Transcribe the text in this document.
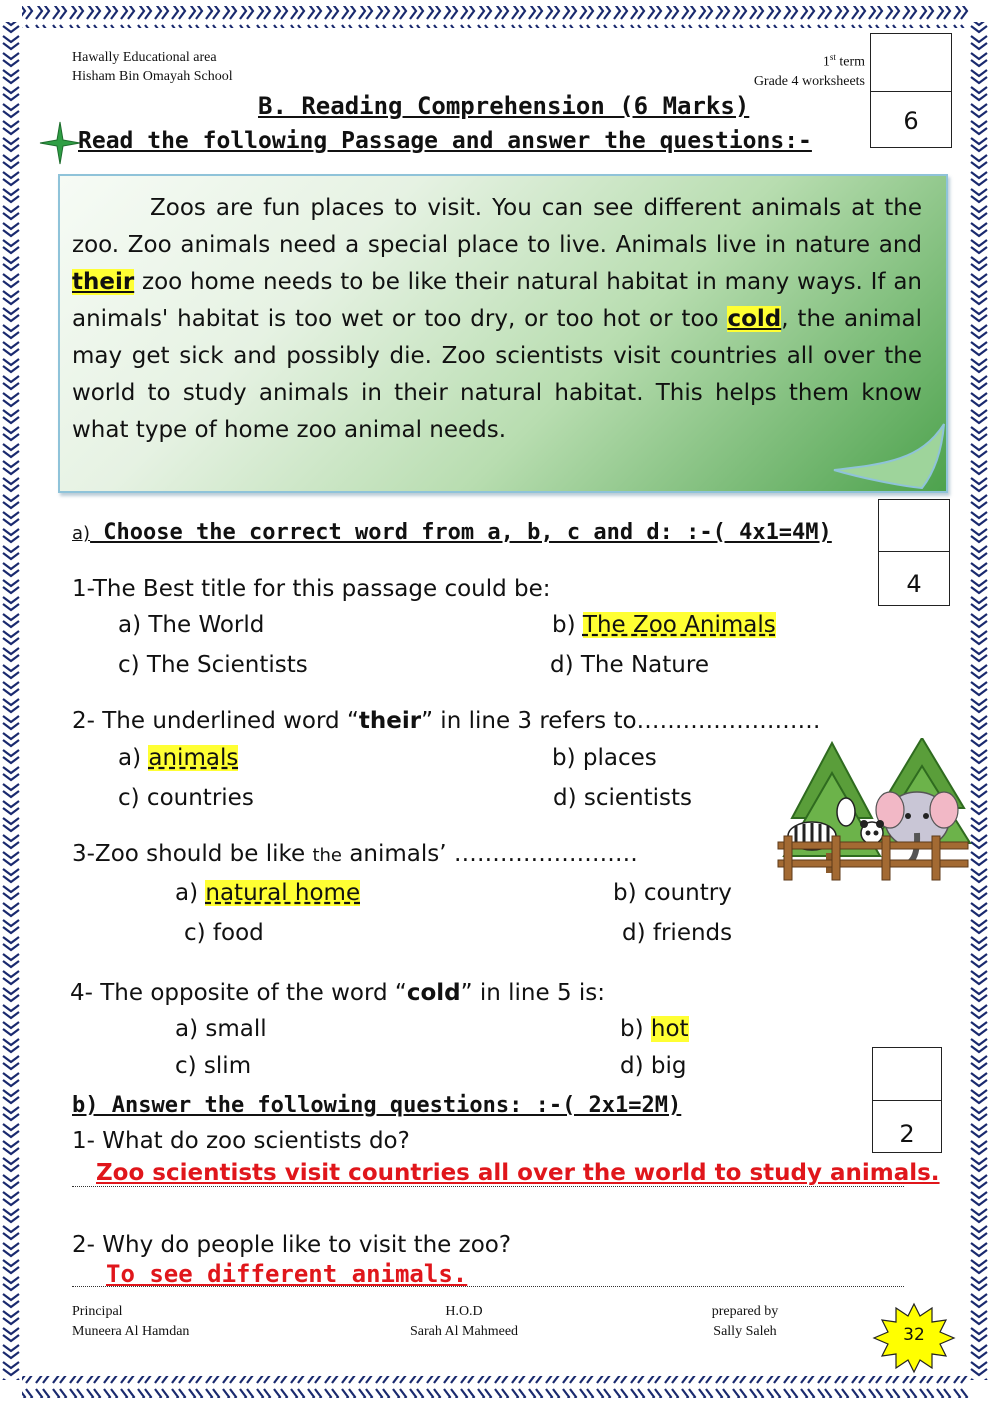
Hawally Educational area
Hisham Bin Omayah School
1st term
Grade 4 worksheets
6
B. Reading Comprehension (6 Marks)
Read the following Passage and answer the questions:-
Zoos are fun places to visit. You can see different animals at the zoo. Zoo animals need a special place to live. Animals live in nature and their zoo home needs to be like their natural habitat in many ways. If an animals' habitat is too wet or too dry, or too hot or too cold, the animal may get sick and possibly die. Zoo scientists visit countries all over the world to study animals in their natural habitat. This helps them know what type of home zoo animal needs.
a) Choose the correct word from a, b, c and d: :-( 4x1=4M)
4
1-The Best title for this passage could be:
a) The World	b) The Zoo Animals
c) The Scientists	d) The Nature
2- The underlined word “their” in line 3 refers to……………………
a) animals	b) places
c) countries	d) scientists
3-Zoo should be like the animals’ ……………………
a) natural home	b) country
c) food	d) friends
4- The opposite of the word “cold” in line 5 is:
a) small	b) hot
c) slim	d) big
2
b) Answer the following questions: :-( 2x1=2M)
1- What do zoo scientists do?
Zoo scientists visit countries all over the world to study animals.
2- Why do people like to visit the zoo?
To see different animals.
Principal
Muneera Al Hamdan
H.O.D
Sarah Al Mahmeed
prepared by
Sally Saleh	32
